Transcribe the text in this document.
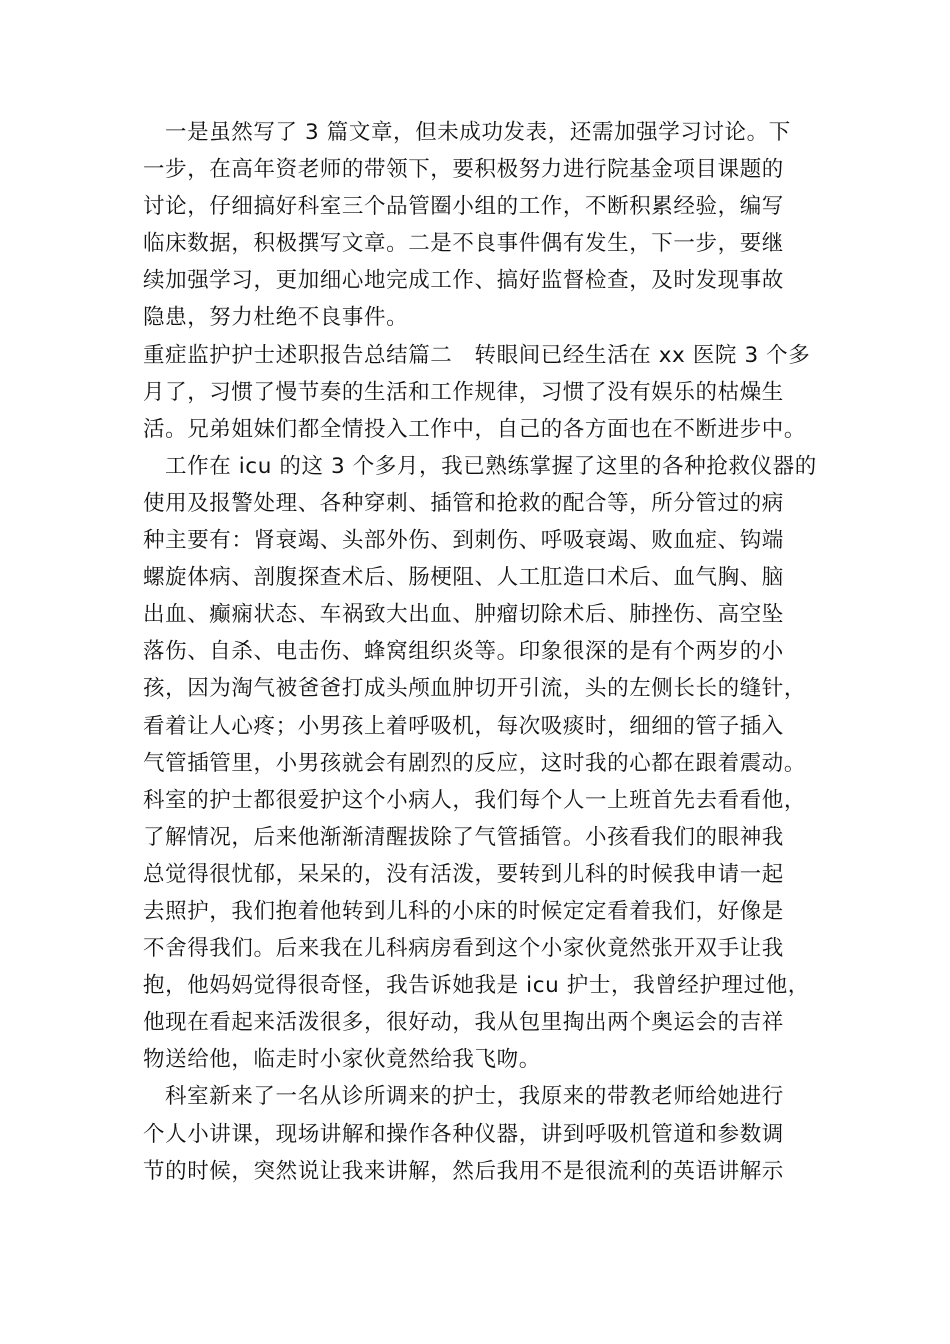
一是虽然写了 3 篇文章，但未成功发表，还需加强学习讨论。下
一步，在高年资老师的带领下，要积极努力进行院基金项目课题的
讨论，仔细搞好科室三个品管圈小组的工作，不断积累经验，编写
临床数据，积极撰写文章。二是不良事件偶有发生，下一步，要继
续加强学习，更加细心地完成工作、搞好监督检查，及时发现事故
隐患，努力杜绝不良事件。
重症监护护士述职报告总结篇二　转眼间已经生活在 xx 医院 3 个多
月了，习惯了慢节奏的生活和工作规律，习惯了没有娱乐的枯燥生
活。兄弟姐妹们都全情投入工作中，自己的各方面也在不断进步中。
工作在 icu 的这 3 个多月，我已熟练掌握了这里的各种抢救仪器的
使用及报警处理、各种穿刺、插管和抢救的配合等，所分管过的病
种主要有：肾衰竭、头部外伤、到刺伤、呼吸衰竭、败血症、钩端
螺旋体病、剖腹探查术后、肠梗阻、人工肛造口术后、血气胸、脑
出血、癫痫状态、车祸致大出血、肿瘤切除术后、肺挫伤、高空坠
落伤、自杀、电击伤、蜂窝组织炎等。印象很深的是有个两岁的小
孩，因为淘气被爸爸打成头颅血肿切开引流，头的左侧长长的缝针，
看着让人心疼；小男孩上着呼吸机，每次吸痰时，细细的管子插入
气管插管里，小男孩就会有剧烈的反应，这时我的心都在跟着震动。
科室的护士都很爱护这个小病人，我们每个人一上班首先去看看他，
了解情况，后来他渐渐清醒拔除了气管插管。小孩看我们的眼神我
总觉得很忧郁，呆呆的，没有活泼，要转到儿科的时候我申请一起
去照护，我们抱着他转到儿科的小床的时候定定看着我们，好像是
不舍得我们。后来我在儿科病房看到这个小家伙竟然张开双手让我
抱，他妈妈觉得很奇怪，我告诉她我是 icu 护士，我曾经护理过他，
他现在看起来活泼很多，很好动，我从包里掏出两个奥运会的吉祥
物送给他，临走时小家伙竟然给我飞吻。
科室新来了一名从诊所调来的护士，我原来的带教老师给她进行
个人小讲课，现场讲解和操作各种仪器，讲到呼吸机管道和参数调
节的时候，突然说让我来讲解，然后我用不是很流利的英语讲解示
